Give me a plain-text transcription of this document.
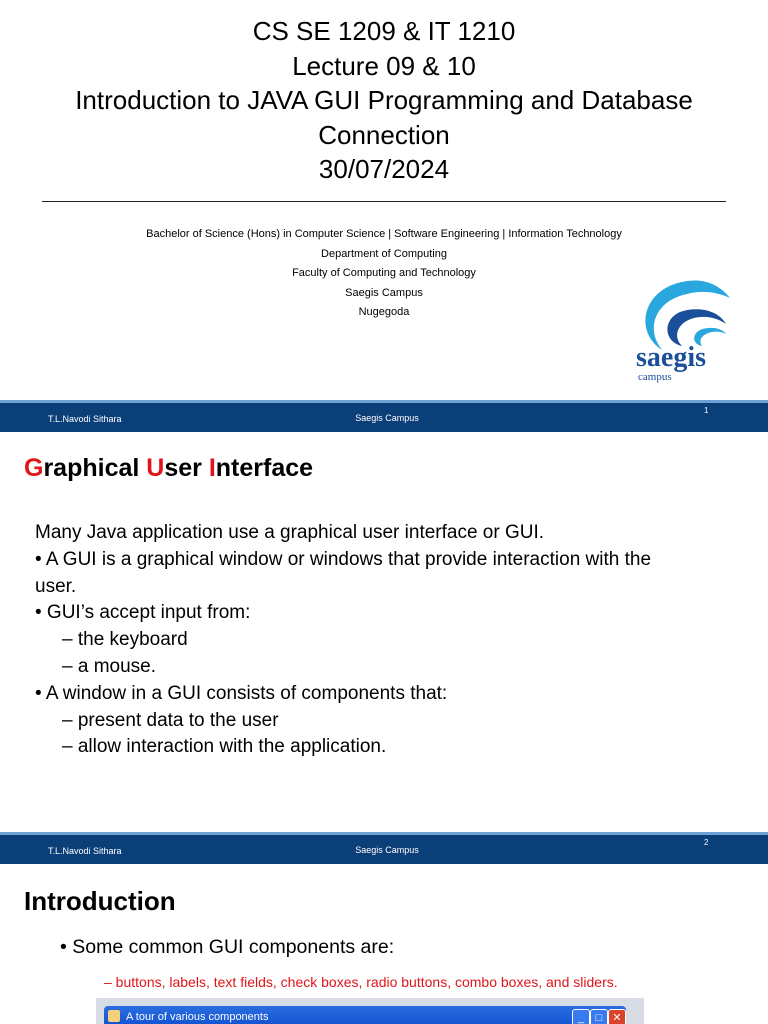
CS SE 1209 & IT 1210
Lecture 09 & 10
Introduction to JAVA GUI Programming and Database
Connection
30/07/2024
Bachelor of Science (Hons) in Computer Science | Software Engineering | Information Technology
Department of Computing
Faculty of Computing and Technology
Saegis Campus
Nugegoda
saegis
campus
T.L.Navodi Sithara	Saegis Campus
1
Graphical User Interface
Many Java application use a graphical user interface or GUI.
• A GUI is a graphical window or windows that provide interaction with the
user.
• GUI’s accept input from:
– the keyboard
– a mouse.
• A window in a GUI consists of components that:
– present data to the user
– allow interaction with the application.
T.L.Navodi Sithara	Saegis Campus
2
Introduction
• Some common GUI components are:
– buttons, labels, text fields, check boxes, radio buttons, combo boxes, and sliders.
A tour of various components	_	□ ✕
